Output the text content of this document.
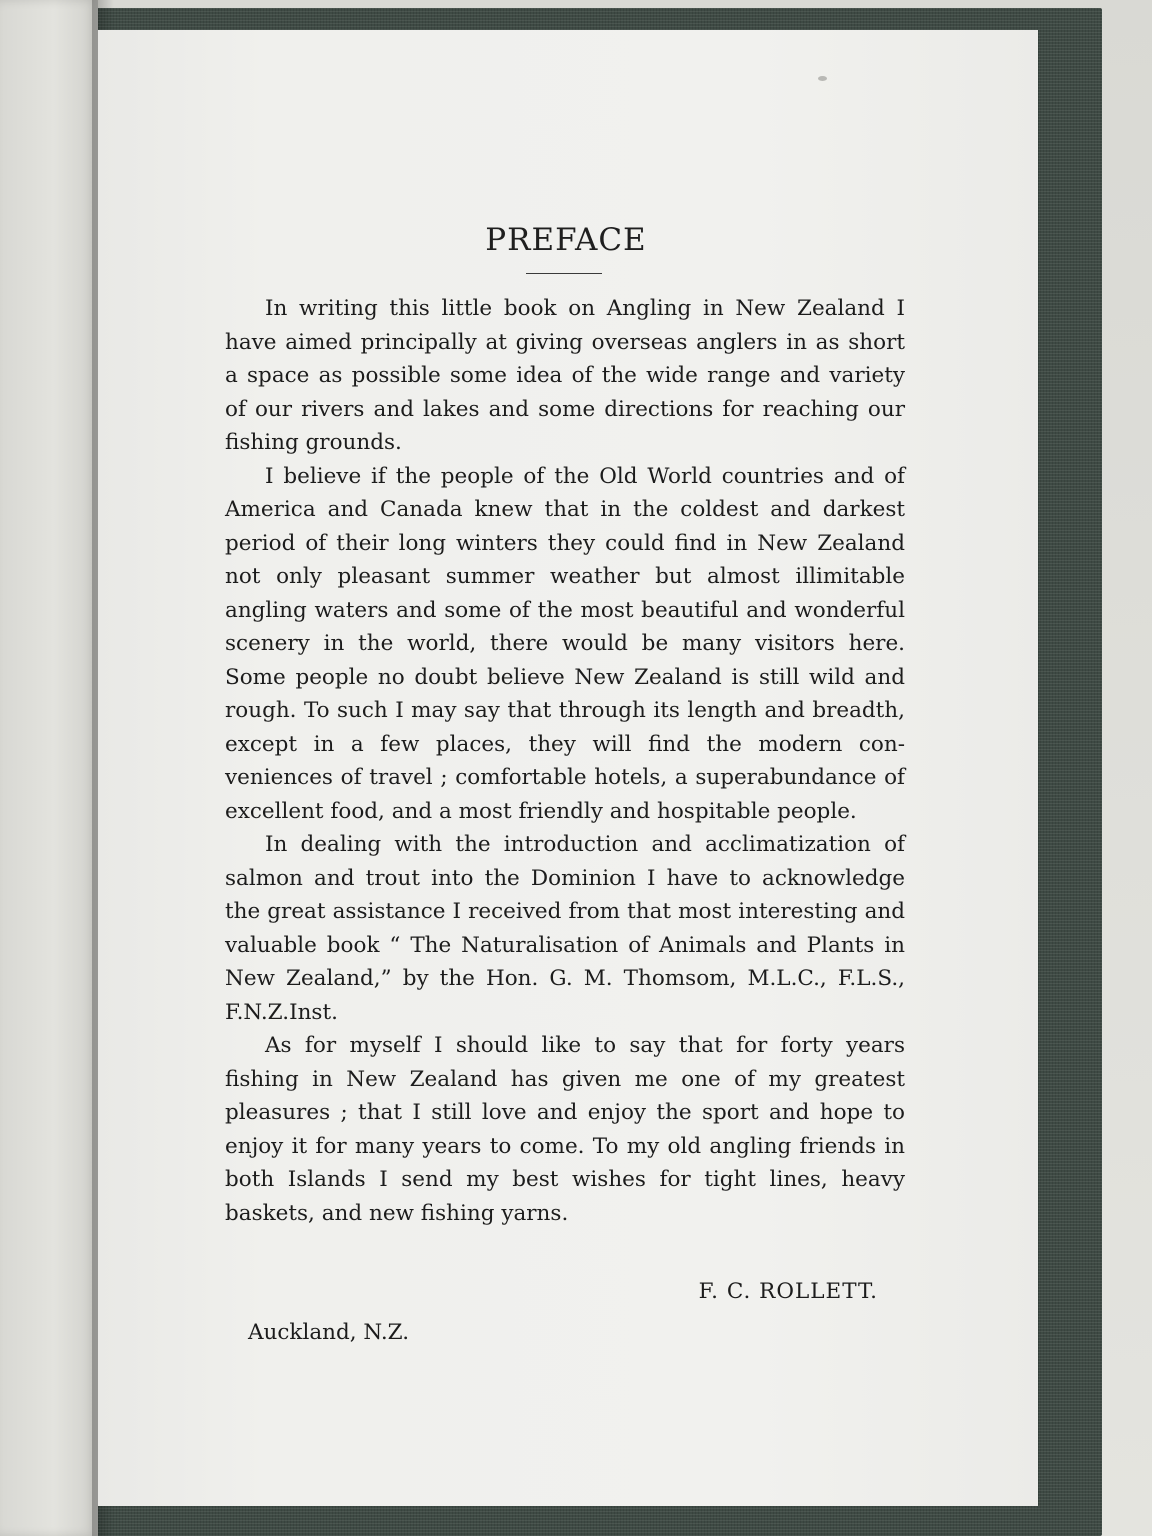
PREFACE

In writing this little book on Angling in New Zealand I have aimed principally at giving overseas anglers in as short a space as possible some idea of the wide range and variety of our rivers and lakes and some directions for reaching our fishing grounds.

I believe if the people of the Old World countries and of America and Canada knew that in the coldest and darkest period of their long winters they could find in New Zealand not only pleasant summer weather but almost illimitable angling waters and some of the most beautiful and wonderful scenery in the world, there would be many visitors here. Some people no doubt believe New Zealand is still wild and rough. To such I may say that through its length and breadth, except in a few places, they will find the modern conveniences of travel ; comfortable hotels, a superabundance of excellent food, and a most friendly and hospitable people.

In dealing with the introduction and acclimatization of salmon and trout into the Dominion I have to acknowledge the great assistance I received from that most interesting and valuable book “ The Naturalisation of Animals and Plants in New Zealand,” by the Hon. G. M. Thomsom, M.L.C., F.L.S., F.N.Z.Inst.

As for myself I should like to say that for forty years fishing in New Zealand has given me one of my greatest pleasures ; that I still love and enjoy the sport and hope to enjoy it for many years to come. To my old angling friends in both Islands I send my best wishes for tight lines, heavy baskets, and new fishing yarns.

F. C. ROLLETT.
Auckland, N.Z.
